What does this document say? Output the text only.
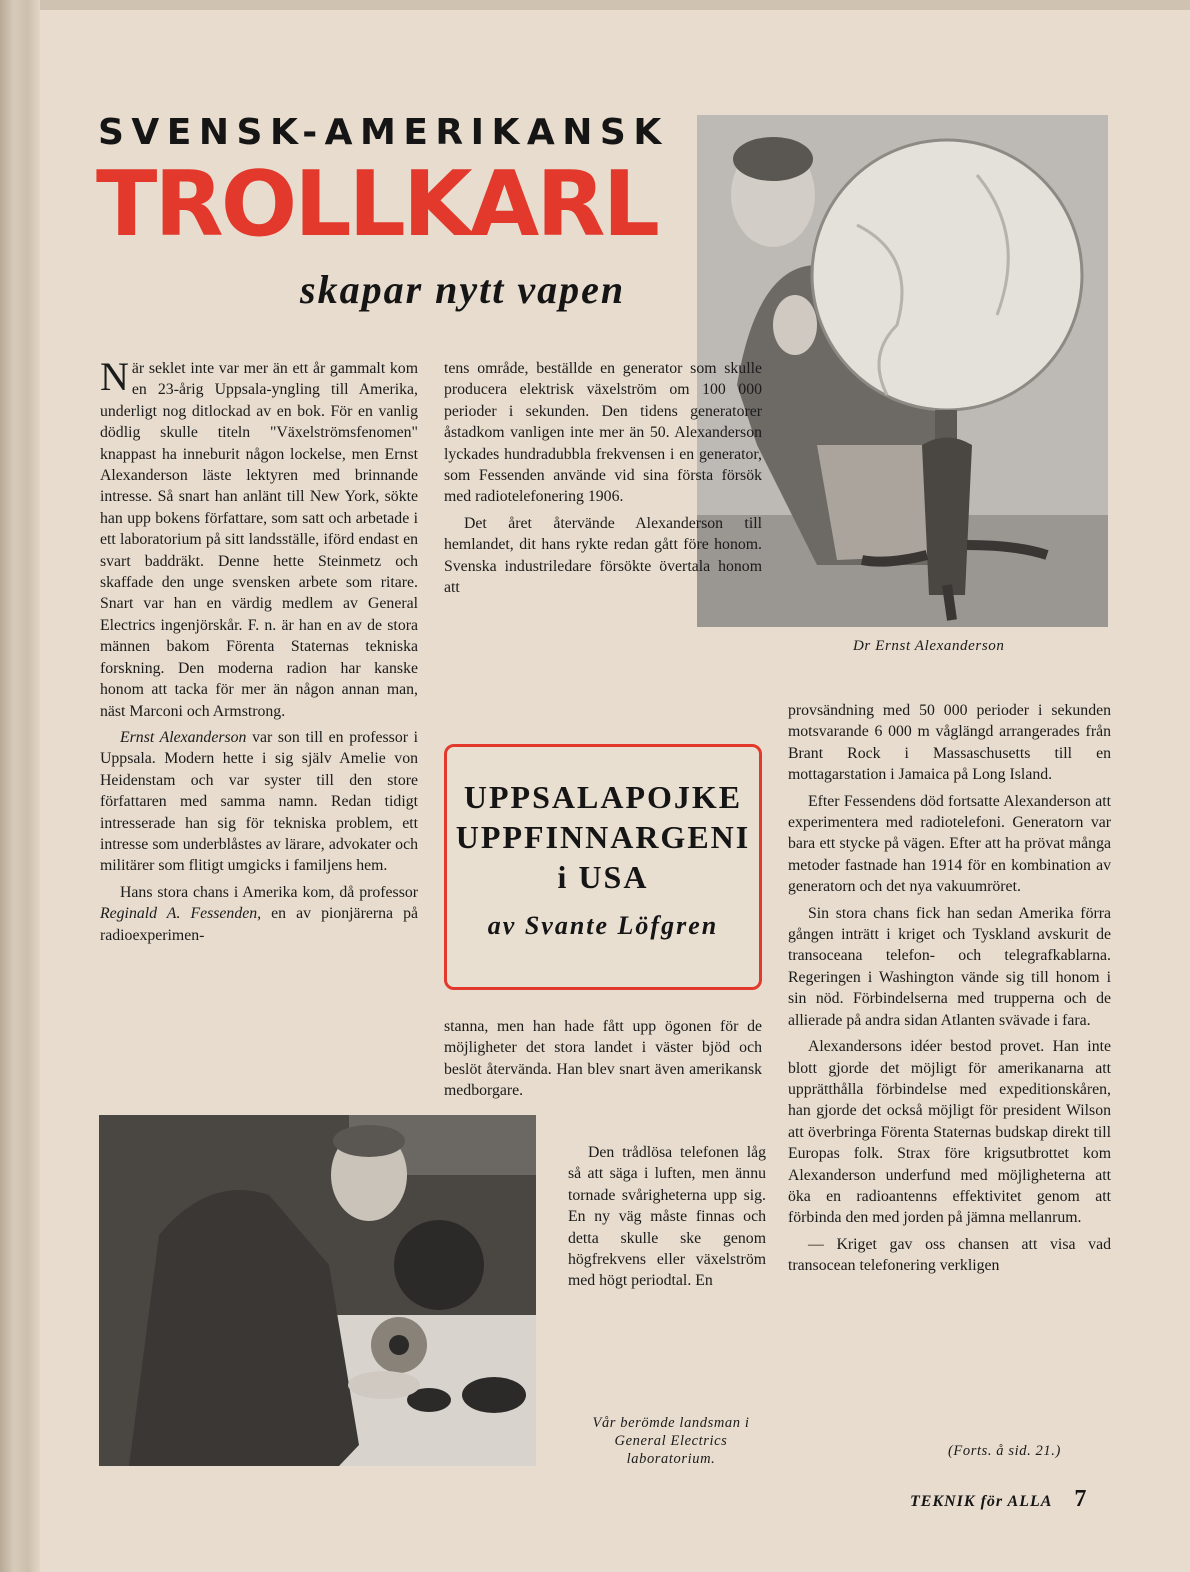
SVENSK-AMERIKANSK
TROLLKARL
skapar nytt vapen
Dr Ernst Alexanderson

När seklet inte var mer än ett år gammalt kom en 23-årig Uppsala-yngling till Amerika, underligt nog ditlockad av en bok. För en vanlig dödlig skulle titeln "Växelströmsfenomen" knappast ha inneburit någon lockelse, men Ernst Alexanderson läste lektyren med brinnande intresse. Så snart han anlänt till New York, sökte han upp bokens författare, som satt och arbetade i ett laboratorium på sitt landsställe, iförd endast en svart baddräkt. Denne hette Steinmetz och skaffade den unge svensken arbete som ritare. Snart var han en värdig medlem av General Electrics ingenjörskår. F. n. är han en av de stora männen bakom Förenta Staternas tekniska forskning. Den moderna radion har kanske honom att tacka för mer än någon annan man, näst Marconi och Armstrong.

Ernst Alexanderson var son till en professor i Uppsala. Modern hette i sig själv Amelie von Heidenstam och var syster till den store författaren med samma namn. Redan tidigt intresserade han sig för tekniska problem, ett intresse som underblåstes av lärare, advokater och militärer som flitigt umgicks i familjens hem.

Hans stora chans i Amerika kom, då professor Reginald A. Fessenden, en av pionjärerna på radioexperimen-

tens område, beställde en generator som skulle producera elektrisk växelström om 100 000 perioder i sekunden. Den tidens generatorer åstadkom vanligen inte mer än 50. Alexanderson lyckades hundradubbla frekvensen i en generator, som Fessenden använde vid sina första försök med radiotelefonering 1906.

Det året återvände Alexanderson till hemlandet, dit hans rykte redan gått före honom. Svenska industriledare försökte övertala honom att

UPPSALAPOJKE
UPPFINNARGENI
i USA
av Svante Löfgren

stanna, men han hade fått upp ögonen för de möjligheter det stora landet i väster bjöd och beslöt återvända. Han blev snart även amerikansk medborgare.

Den trådlösa telefonen låg så att säga i luften, men ännu tornade svårigheterna upp sig. En ny väg måste finnas och detta skulle ske genom högfrekvens eller växelström med högt periodtal. En

Vår berömde landsman i General Electrics laboratorium.

provsändning med 50 000 perioder i sekunden motsvarande 6 000 m våglängd arrangerades från Brant Rock i Massaschusetts till en mottagarstation i Jamaica på Long Island.

Efter Fessendens död fortsatte Alexanderson att experimentera med radiotelefoni. Generatorn var bara ett stycke på vägen. Efter att ha prövat många metoder fastnade han 1914 för en kombination av generatorn och det nya vakuumröret.

Sin stora chans fick han sedan Amerika förra gången inträtt i kriget och Tyskland avskurit de transoceana telefon- och telegrafkablarna. Regeringen i Washington vände sig till honom i sin nöd. Förbindelserna med trupperna och de allierade på andra sidan Atlanten svävade i fara.

Alexandersons idéer bestod provet. Han inte blott gjorde det möjligt för amerikanarna att upprätthålla förbindelse med expeditionskåren, han gjorde det också möjligt för president Wilson att överbringa Förenta Staternas budskap direkt till Europas folk. Strax före krigsutbrottet kom Alexanderson underfund med möjligheterna att öka en radioantenns effektivitet genom att förbinda den med jorden på jämna mellanrum.

— Kriget gav oss chansen att visa vad transocean telefonering verkligen

(Forts. å sid. 21.)
TEKNIK för ALLA 7
